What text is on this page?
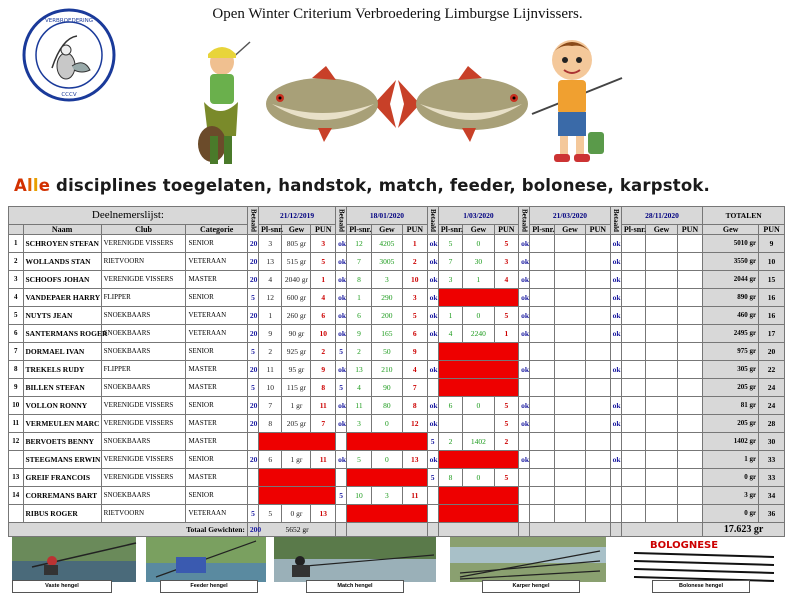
Open Winter Criterium Verbroedering Limburgse Lijnvissers.
VERBROEDERING
CCCV
Alle disciplines toegelaten, handstok, match, feeder, bolonese, karpstok.
Deelnemerslijst:				Betaald	21/12/2019			Betaald	18/01/2020			Betaald	1/03/2020			Betaald	21/03/2020			Betaald	28/11/2020			TOTALEN	
	Naam	Club	Categorie		Pl-snr.	Gew	PUN		Pl-snr.	Gew	PUN		Pl-snr.	Gew	PUN		Pl-snr.	Gew	PUN		Pl-snr.	Gew	PUN	Gew	PUN
1	SCHROYEN STEFAN	VERENIGDE VISSERS	SENIOR	20	3	805 gr	3	ok	12	4205	1	ok	5	0	5	ok				ok				5010 gr	9
2	WOLLANDS STAN	RIETVOORN	VETERAAN	20	13	515 gr	5	ok	7	3005	2	ok	7	30	3	ok				ok				3550 gr	10
3	SCHOOFS JOHAN	VERENIGDE VISSERS	MASTER	20	4	2040 gr	1	ok	8	3	10	ok	3	1	4	ok				ok				2044 gr	15
4	VANDEPAER HARRY	FLIPPER	SENIOR	5	12	600 gr	4	ok	1	290	3	ok				ok				ok				890 gr	16
5	NUYTS JEAN	SNOEKBAARS	VETERAAN	20	1	260 gr	6	ok	6	200	5	ok	1	0	5	ok				ok				460 gr	16
6	SANTERMANS ROGER	SNOEKBAARS	VETERAAN	20	9	90 gr	10	ok	9	165	6	ok	4	2240	1	ok				ok				2495 gr	17
7	DORMAEL IVAN	SNOEKBAARS	SENIOR	5	2	925 gr	2	5	2	50	9													975 gr	20
8	TREKELS RUDY	FLIPPER	MASTER	20	11	95 gr	9	ok	13	210	4	ok				ok				ok				305 gr	22
9	BILLEN STEFAN	SNOEKBAARS	MASTER	5	10	115 gr	8	5	4	90	7													205 gr	24
10	VOLLON RONNY	VERENIGDE VISSERS	SENIOR	20	7	1 gr	11	ok	11	80	8	ok	6	0	5	ok				ok				81 gr	24
11	VERMEULEN MARC	VERENIGDE VISSERS	MASTER	20	8	205 gr	7	ok	3	0	12	ok			5	ok				ok				205 gr	28
12	BERVOETS BENNY	SNOEKBAARS	MASTER									5	2	1402	2									1402 gr	30
	STEEGMANS ERWIN	VERENIGDE VISSERS	SENIOR	20	6	1 gr	11	ok	5	0	13	ok				ok				ok				1 gr	33
13	GREIF FRANCOIS	VERENIGDE VISSERS	MASTER									5	8	0	5									0 gr	33
14	CORREMANS BART	SNOEKBAARS	SENIOR					5	10	3	11													3 gr	34
	RIBUS ROGER	RIETVOORN	VETERAAN	5	5	0 gr	13																	0 gr	36
Totaal Gewichten:				200	5652 gr																			17.623 gr	
BOLOGNESE
Vaste hengel	Feeder hengel	Match hengel	Karper hengel	Bolonese hengel
